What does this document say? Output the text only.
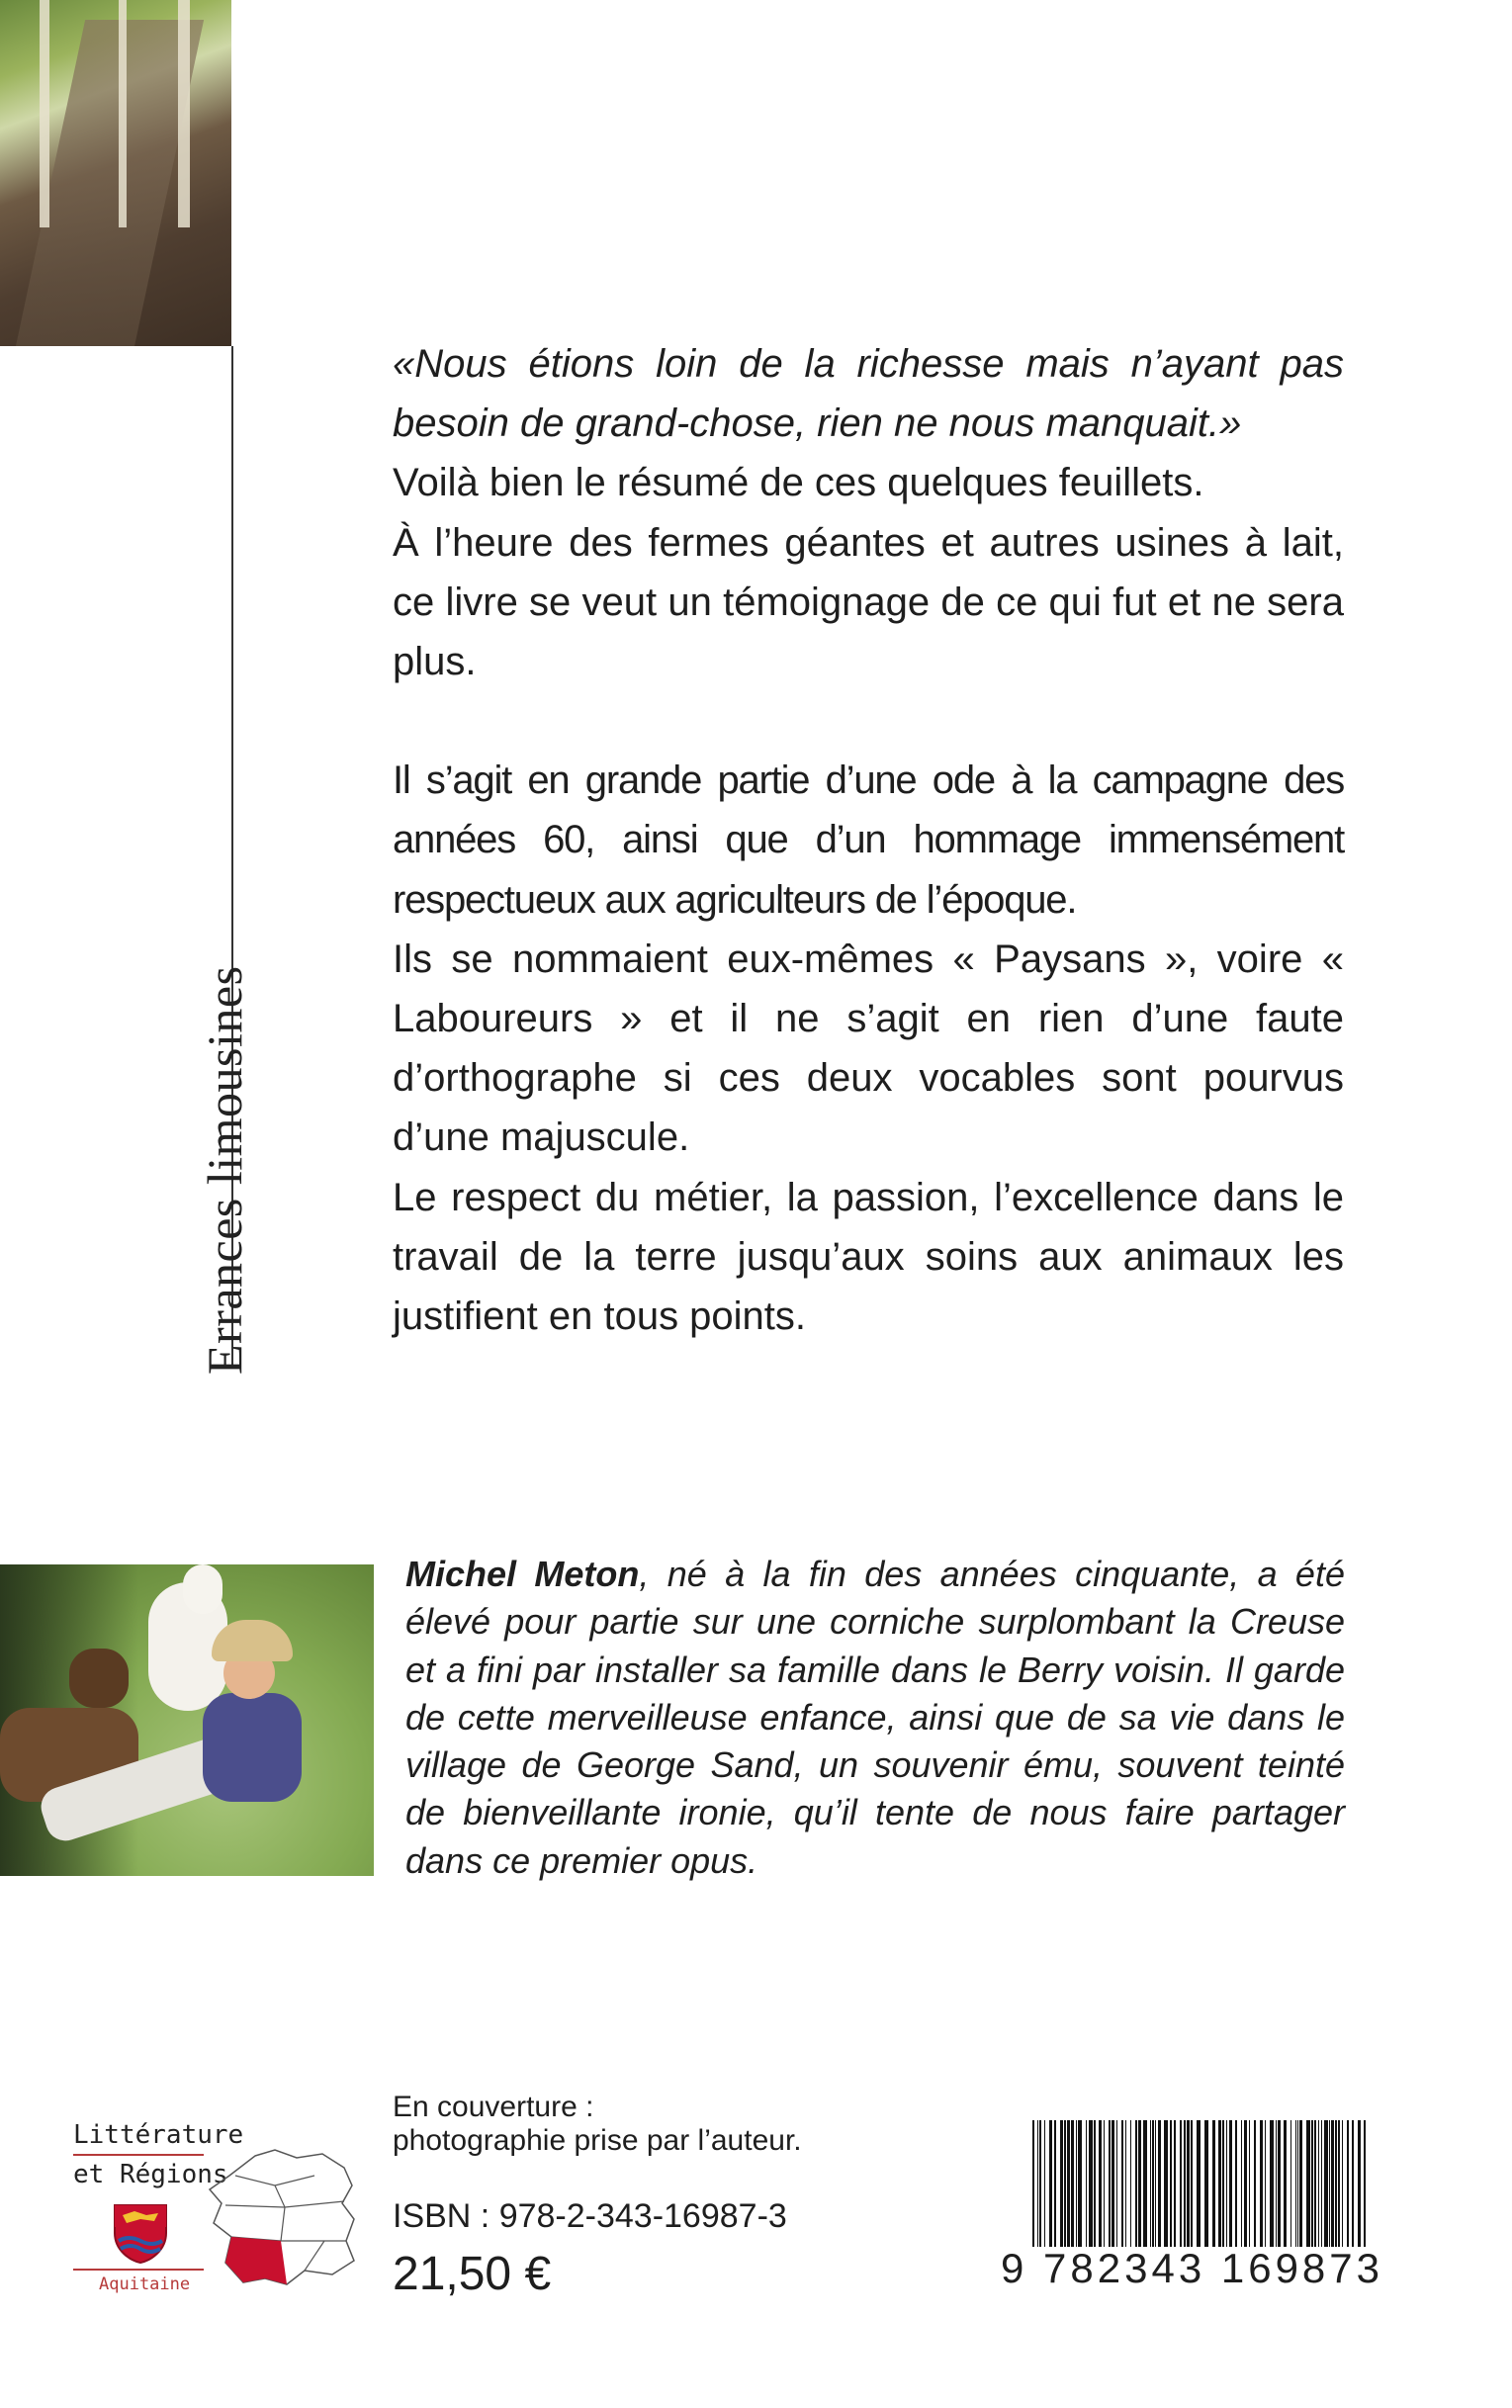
Errances limousines

«Nous étions loin de la richesse mais n’ayant pas

besoin de grand-chose, rien ne nous manquait.»

Voilà bien le résumé de ces quelques feuillets.

À l’heure des fermes géantes et autres usines à lait, ce livre se veut un témoignage de ce qui fut et ne sera plus.

Il s’agit en grande partie d’une ode à la campagne des années 60, ainsi que d’un hommage immensément respectueux aux agriculteurs de l’époque.

Ils se nommaient eux-mêmes « Paysans », voire « Laboureurs » et il ne s’agit en rien d’une faute d’orthographe si ces deux vocables sont pourvus d’une majuscule.

Le respect du métier, la passion, l’excellence dans le travail de la terre jusqu’aux soins aux animaux les justifient en tous points.

Michel Meton, né à la fin des années cinquante, a été élevé pour partie sur une corniche surplombant la Creuse et a fini par installer sa famille dans le Berry voisin. Il garde de cette merveilleuse enfance, ainsi que de sa vie dans le village de George Sand, un souvenir ému, souvent teinté de bienveillante ironie, qu’il tente de nous faire partager dans ce premier opus.
Littérature
et Régions
Aquitaine

En couverture :

photographie prise par l’auteur.

ISBN : 978-2-343-16987-3
21,50 €	9 782343 169873
